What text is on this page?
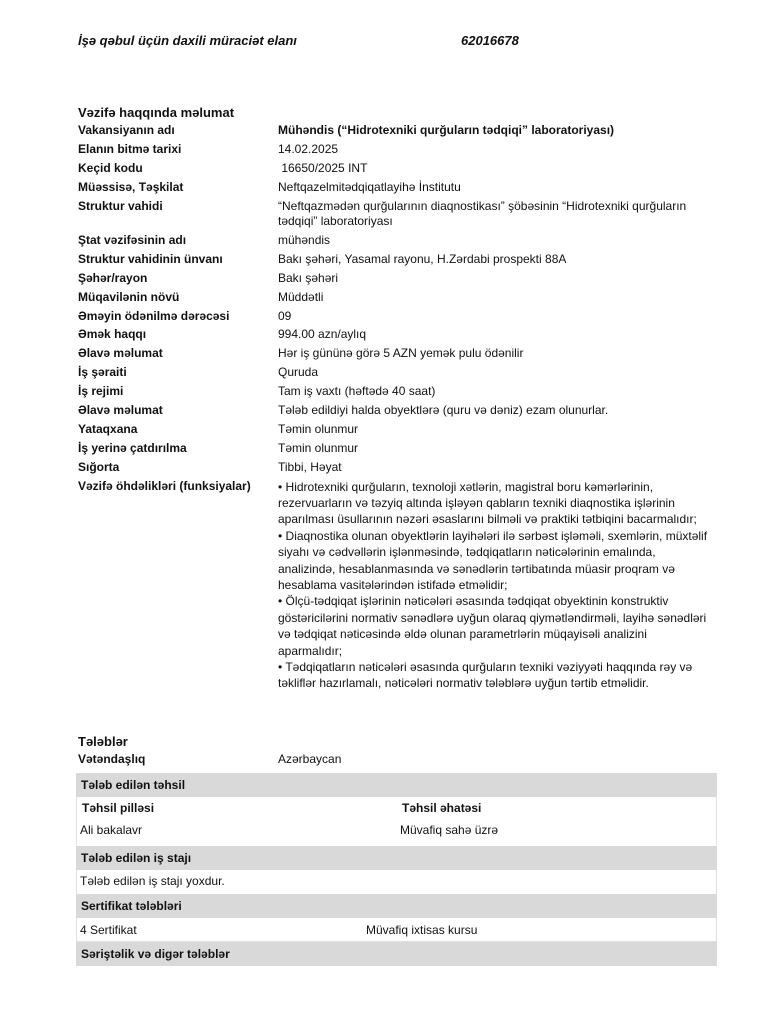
İşə qəbul üçün daxili müraciət elanı	62016678
Vəzifə haqqında məlumat
Vakansiyanın adı	Mühəndis (“Hidrotexniki qurğuların tədqiqi” laboratoriyası)
Elanın bitmə tarixi	14.02.2025
Keçid kodu	16650/2025 INT
Müəssisə, Təşkilat	Neftqazelmitədqiqatlayihə İnstitutu
Struktur vahidi	“Neftqazmədən qurğularının diaqnostikası” şöbəsinin “Hidrotexniki qurğuların tədqiqi” laboratoriyası
Ştat vəzifəsinin adı	mühəndis
Struktur vahidinin ünvanı	Bakı şəhəri, Yasamal rayonu, H.Zərdabi prospekti 88A
Şəhər/rayon	Bakı şəhəri
Müqavilənin növü	Müddətli
Əməyin ödənilmə dərəcəsi	09
Əmək haqqı	994.00 azn/aylıq
Əlavə məlumat	Hər iş gününə görə 5 AZN yemək pulu ödənilir
İş şəraiti	Quruda
İş rejimi	Tam iş vaxtı (həftədə 40 saat)
Əlavə məlumat	Tələb edildiyi halda obyektlərə (quru və dəniz) ezam olunurlar.
Yataqxana	Təmin olunmur
İş yerinə çatdırılma	Təmin olunmur
Sığorta	Tibbi, Həyat
Vəzifə öhdəlikləri (funksiyalar)	• Hidrotexniki qurğuların, texnoloji xətlərin, magistral boru kəmərlərinin, rezervuarların və təzyiq altında işləyən qabların texniki diaqnostika işlərinin aparılması üsullarının nəzəri əsaslarını bilməli və praktiki tətbiqini bacarmalıdır;
• Diaqnostika olunan obyektlərin layihələri ilə sərbəst işləməli, sxemlərin, müxtəlif siyahı və cədvəllərin işlənməsində, tədqiqatların nəticələrinin emalında, analizində, hesablanmasında və sənədlərin tərtibatında müasir proqram və hesablama vasitələrindən istifadə etməlidir;
• Ölçü-tədqiqat işlərinin nəticələri əsasında tədqiqat obyektinin konstruktiv göstəricilərini normativ sənədlərə uyğun olaraq qiymətləndirməli, layihə sənədləri və tədqiqat nəticəsində əldə olunan parametrlərin müqayisəli analizini aparmalıdır;
• Tədqiqatların nəticələri əsasında qurğuların texniki vəziyyəti haqqında rəy və təkliflər hazırlamalı, nəticələri normativ tələblərə uyğun tərtib etməlidir.
Tələblər
Vətəndaşlıq	Azərbaycan
Tələb edilən təhsil
Təhsil pilləsi	Təhsil əhatəsi
Ali bakalavr	Müvafiq sahə üzrə
Tələb edilən iş stajı
Tələb edilən iş stajı yoxdur.
Sertifikat tələbləri
4 Sertifikat	Müvafiq ixtisas kursu
Səriştəlik və digər tələblər
